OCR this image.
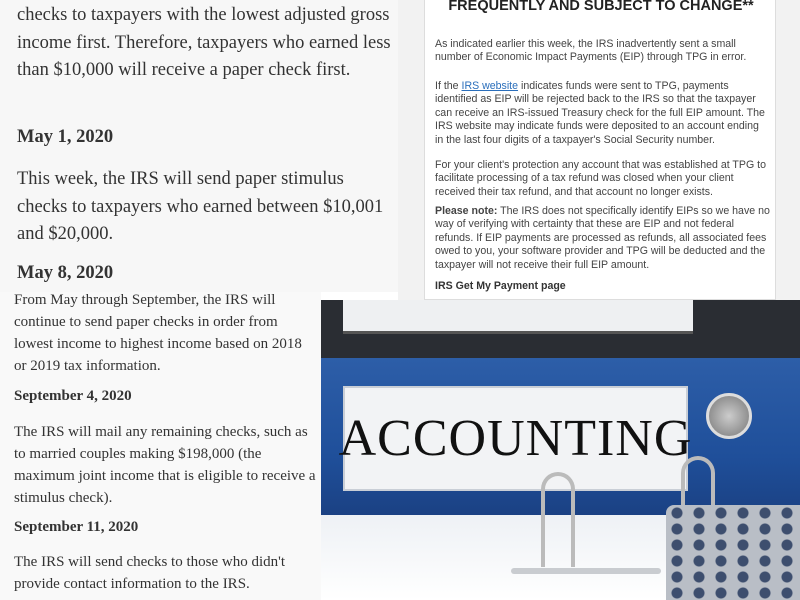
checks to taxpayers with the lowest adjusted gross income first. Therefore, taxpayers who earned less than $10,000 will receive a paper check first.

May 1, 2020

This week, the IRS will send paper stimulus checks to taxpayers who earned between $10,001 and $20,000.

May 8, 2020

From May through September, the IRS will continue to send paper checks in order from lowest income to highest income based on 2018 or 2019 tax information.

September 4, 2020

The IRS will mail any remaining checks, such as to married couples making $198,000 (the maximum joint income that is eligible to receive a stimulus check).

September 11, 2020

The IRS will send checks to those who didn't provide contact information to the IRS.

FREQUENTLY AND SUBJECT TO CHANGE**

As indicated earlier this week, the IRS inadvertently sent a small number of Economic Impact Payments (EIP) through TPG in error.

If the IRS website indicates funds were sent to TPG, payments identified as EIP will be rejected back to the IRS so that the taxpayer can receive an IRS-issued Treasury check for the full EIP amount. The IRS website may indicate funds were deposited to an account ending in the last four digits of a taxpayer's Social Security number.

For your client's protection any account that was established at TPG to facilitate processing of a tax refund was closed when your client received their tax refund, and that account no longer exists.

Please note: The IRS does not specifically identify EIPs so we have no way of verifying with certainty that these are EIP and not federal refunds. If EIP payments are processed as refunds, all associated fees owed to you, your software provider and TPG will be deducted and the taxpayer will not receive their full EIP amount.

IRS Get My Payment page

ACCOUNTING
